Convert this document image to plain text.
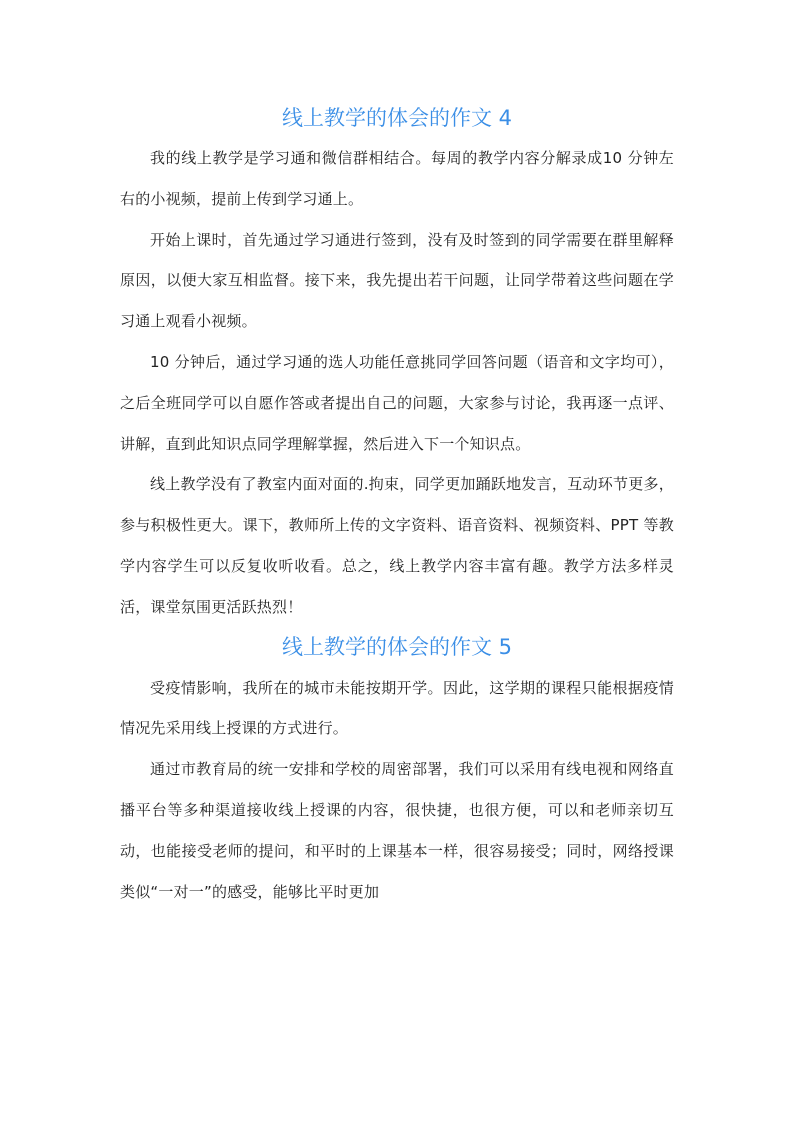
线上教学的体会的作文 4

我的线上教学是学习通和微信群相结合。每周的教学内容分解录成10 分钟左右的小视频，提前上传到学习通上。

开始上课时，首先通过学习通进行签到，没有及时签到的同学需要在群里解释原因，以便大家互相监督。接下来，我先提出若干问题，让同学带着这些问题在学习通上观看小视频。

10 分钟后，通过学习通的选人功能任意挑同学回答问题（语音和文字均可），之后全班同学可以自愿作答或者提出自己的问题，大家参与讨论，我再逐一点评、讲解，直到此知识点同学理解掌握，然后进入下一个知识点。

线上教学没有了教室内面对面的.拘束，同学更加踊跃地发言，互动环节更多，参与积极性更大。课下，教师所上传的文字资料、语音资料、视频资料、PPT 等教学内容学生可以反复收听收看。总之，线上教学内容丰富有趣。教学方法多样灵活，课堂氛围更活跃热烈！

线上教学的体会的作文 5

受疫情影响，我所在的城市未能按期开学。因此，这学期的课程只能根据疫情情况先采用线上授课的方式进行。

通过市教育局的统一安排和学校的周密部署，我们可以采用有线电视和网络直播平台等多种渠道接收线上授课的内容，很快捷，也很方便，可以和老师亲切互动，也能接受老师的提问，和平时的上课基本一样，很容易接受；同时，网络授课类似“一对一”的感受，能够比平时更加
